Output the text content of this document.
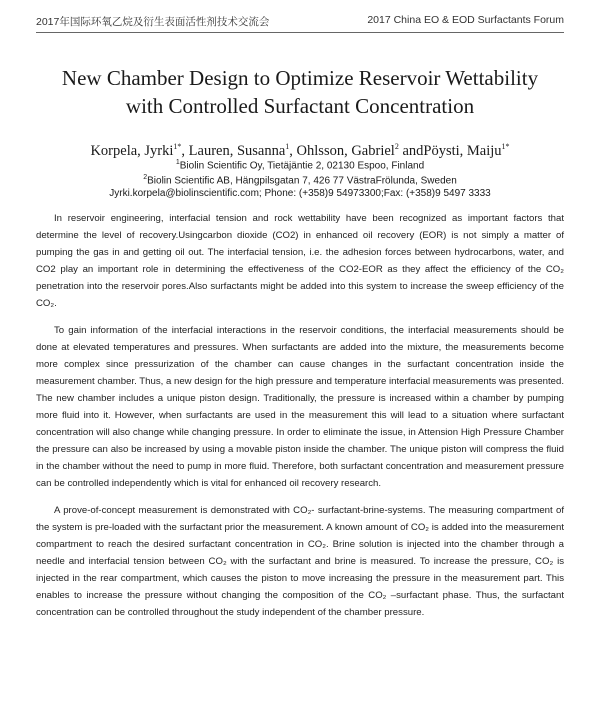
2017年国际环氧乙烷及衍生表面活性剂技术交流会	2017 China EO & EOD Surfactants Forum
New Chamber Design to Optimize Reservoir Wettability
with Controlled Surfactant Concentration
Korpela, Jyrki$^{1*}$, Lauren, Susanna$^1$, Ohlsson, Gabriel$^2$ andPöysti, Maiju$^{1*}$
$^1$Biolin Scientific Oy, Tietäjäntie 2, 02130 Espoo, Finland
$^2$Biolin Scientific AB, Hängpilsgatan 7, 426 77 VästraFrölunda, Sweden
Jyrki.korpela@biolinscientific.com; Phone: (+358)9 54973300;Fax: (+358)9 5497 3333

In reservoir engineering, interfacial tension and rock wettability have been recognized as important factors that determine the level of recovery.Usingcarbon dioxide (CO2) in enhanced oil recovery (EOR) is not simply a matter of pumping the gas in and getting oil out. The interfacial tension, i.e. the adhesion forces between hydrocarbons, water, and CO2 play an important role in determining the effectiveness of the CO2-EOR as they affect the efficiency of the CO₂ penetration into the reservoir pores.Also surfactants might be added into this system to increase the sweep efficiency of the CO₂.

To gain information of the interfacial interactions in the reservoir conditions, the interfacial measurements should be done at elevated temperatures and pressures. When surfactants are added into the mixture, the measurements become more complex since pressurization of the chamber can cause changes in the surfactant concentration inside the measurement chamber. Thus, a new design for the high pressure and temperature interfacial measurements was presented. The new chamber includes a unique piston design. Traditionally, the pressure is increased within a chamber by pumping more fluid into it. However, when surfactants are used in the measurement this will lead to a situation where surfactant concentration will also change while changing pressure. In order to eliminate the issue, in Attension High Pressure Chamber the pressure can also be increased by using a movable piston inside the chamber. The unique piston will compress the fluid in the chamber without the need to pump in more fluid. Therefore, both surfactant concentration and measurement pressure can be controlled independently which is vital for enhanced oil recovery research.

A prove-of-concept measurement is demonstrated with CO₂- surfactant-brine-systems. The measuring compartment of the system is pre-loaded with the surfactant prior the measurement. A known amount of CO₂ is added into the measurement compartment to reach the desired surfactant concentration in CO₂. Brine solution is injected into the chamber through a needle and interfacial tension between CO₂ with the surfactant and brine is measured. To increase the pressure, CO₂ is injected in the rear compartment, which causes the piston to move increasing the pressure in the measurement part. This enables to increase the pressure without changing the composition of the CO₂ –surfactant phase. Thus, the surfactant concentration can be controlled throughout the study independent of the chamber pressure.
